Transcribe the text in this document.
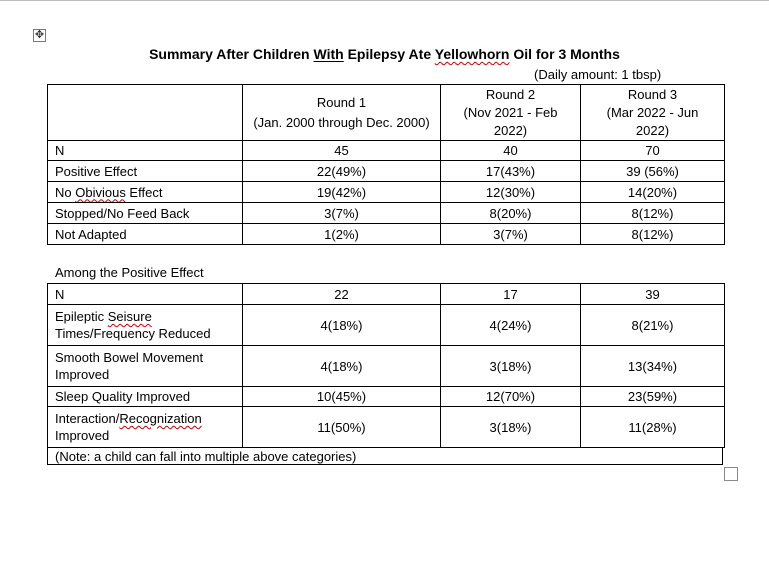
✥
Summary After Children With Epilepsy Ate Yellowhorn Oil for 3 Months
(Daily amount: 1 tbsp)

	Round 1
(Jan. 2000 through Dec. 2000)	Round 2
(Nov 2021 - Feb
2022)	Round 3
(Mar 2022 - Jun
2022)

N	45	40	70
Positive Effect	22(49%)	17(43%)	39 (56%)
No Obivious Effect	19(42%)	12(30%)	14(20%)
Stopped/No Feed Back	3(7%)	8(20%)	8(12%)
Not Adapted	1(2%)	3(7%)	8(12%)
Among the Positive Effect
N	22	17	39
Epileptic Seisure
Times/Frequency Reduced	4(18%)	4(24%)	8(21%)
Smooth Bowel Movement
Improved	4(18%)	3(18%)	13(34%)
Sleep Quality Improved	10(45%)	12(70%)	23(59%)
Interaction/Recognization
Improved	11(50%)	3(18%)	11(28%)
(Note: a child can fall into multiple above categories)
